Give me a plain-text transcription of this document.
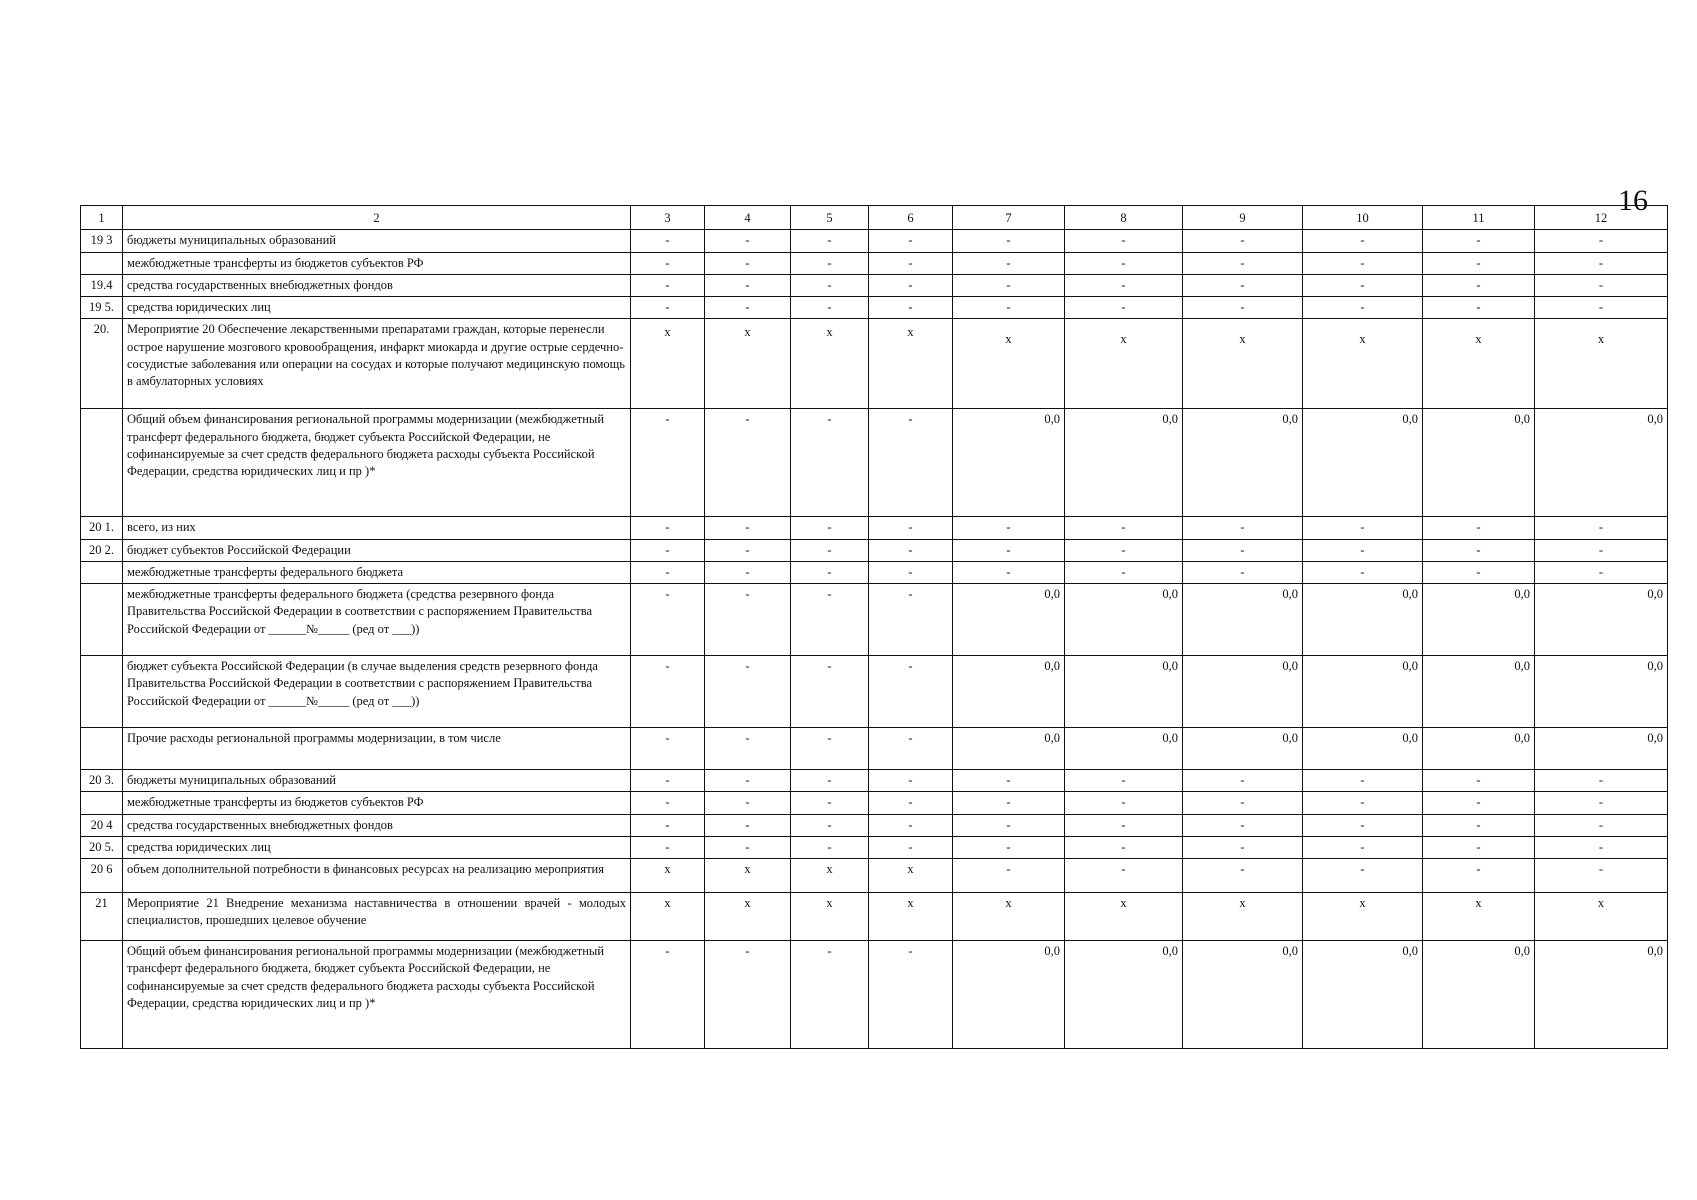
16
1	2	3	4	5	6	7	8	9	10	11	12
19 3	бюджеты муниципальных образований	-	-	-	-	-	-	-	-	-	-
	межбюджетные трансферты из бюджетов субъектов РФ	-	-	-	-	-	-	-	-	-	-
19.4	средства государственных внебюджетных фондов	-	-	-	-	-	-	-	-	-	-
19 5.	средства юридических лиц	-	-	-	-	-	-	-	-	-	-
20.	Мероприятие 20 Обеспечение лекарственными препаратами граждан, которые перенесли острое нарушение мозгового кровообращения, инфаркт миокарда и другие острые сердечно-сосудистые заболевания или операции на сосудах и которые получают медицинскую помощь в амбулаторных условиях	x	x	x	x	x	x	x	x	x	x
	Общий объем финансирования региональной программы модернизации (межбюджетный трансферт федерального бюджета, бюджет субъекта Российской Федерации, не софинансируемые за счет средств федерального бюджета расходы субъекта Российской Федерации, средства юридических лиц и пр )*	-	-	-	-	0,0	0,0	0,0	0,0	0,0	0,0
20 1.	всего, из них	-	-	-	-	-	-	-	-	-	-
20 2.	бюджет субъектов Российской Федерации	-	-	-	-	-	-	-	-	-	-
	межбюджетные трансферты федерального бюджета	-	-	-	-	-	-	-	-	-	-
	межбюджетные трансферты федерального бюджета (средства резервного фонда Правительства Российской Федерации в соответствии с распоряжением Правительства Российской Федерации от ______№_____ (ред от ___))	-	-	-	-	0,0	0,0	0,0	0,0	0,0	0,0
	бюджет субъекта Российской Федерации (в случае выделения средств резервного фонда Правительства Российской Федерации в соответствии с распоряжением Правительства Российской Федерации от ______№_____ (ред от ___))	-	-	-	-	0,0	0,0	0,0	0,0	0,0	0,0
	Прочие расходы региональной программы модернизации, в том числе	-	-	-	-	0,0	0,0	0,0	0,0	0,0	0,0
20 3.	бюджеты муниципальных образований	-	-	-	-	-	-	-	-	-	-
	межбюджетные трансферты из бюджетов субъектов РФ	-	-	-	-	-	-	-	-	-	-
20 4	средства государственных внебюджетных фондов	-	-	-	-	-	-	-	-	-	-
20 5.	средства юридических лиц	-	-	-	-	-	-	-	-	-	-
20 6	объем дополнительной потребности в финансовых ресурсах на реализацию мероприятия	x	x	x	x	-	-	-	-	-	-
21	Мероприятие 21 Внедрение механизма наставничества в отношении врачей - молодых специалистов, прошедших целевое обучение	x	x	x	x	x	x	x	x	x	x
	Общий объем финансирования региональной программы модернизации (межбюджетный трансферт федерального бюджета, бюджет субъекта Российской Федерации, не софинансируемые за счет средств федерального бюджета расходы субъекта Российской Федерации, средства юридических лиц и пр )*	-	-	-	-	0,0	0,0	0,0	0,0	0,0	0,0
